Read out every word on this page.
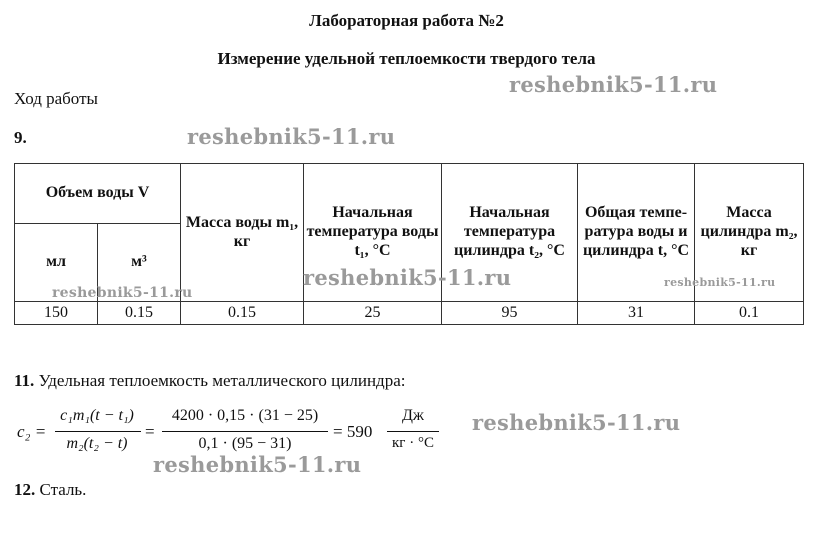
Лабораторная работа №2
Измерение удельной теплоемкости твердого тела
Ход работы
reshebnik5-11.ru
9.	reshebnik5-11.ru
Объем воды V		Масса воды m₁, кг	Начальная температура воды t₁, °С	Начальная температура цилиндра t₂, °С	Общая темпе-ратура воды и цилиндра t, °С	Масса цилиндра m₂, кг
мл	м³					
150	0.15	0.15	25	95	31	0.1
reshebnik5-11.ru
reshebnik5-11.ru	reshebnik5-11.ru
11. Удельная теплоемкость металлического цилиндра:
c₂ =
c₁m₁(t − t₁)
m₂(t₂ − t)
=
4200 · 0,15 · (31 − 25)
0,1 · (95 − 31)
= 590
Дж
кг · °С
reshebnik5-11.ru
reshebnik5-11.ru
12. Сталь.
